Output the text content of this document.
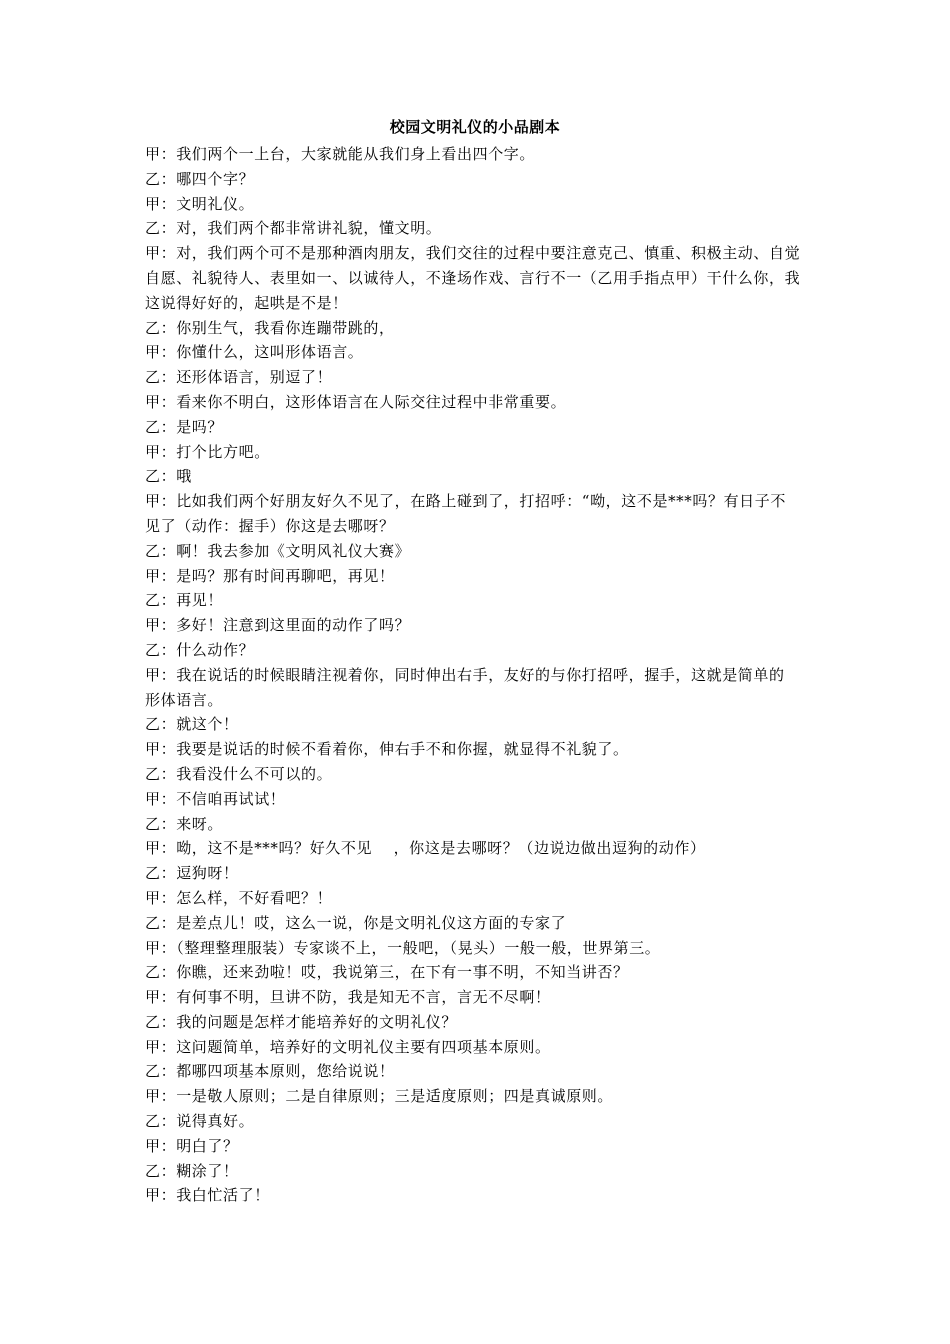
校园文明礼仪的小品剧本
甲：我们两个一上台，大家就能从我们身上看出四个字。
乙：哪四个字？
甲：文明礼仪。
乙：对，我们两个都非常讲礼貌，懂文明。
甲：对，我们两个可不是那种酒肉朋友，我们交往的过程中要注意克己、慎重、积极主动、自觉
自愿、礼貌待人、表里如一、以诚待人，不逢场作戏、言行不一（乙用手指点甲）干什么你，我
这说得好好的，起哄是不是！
乙：你别生气，我看你连蹦带跳的，
甲：你懂什么，这叫形体语言。
乙：还形体语言，别逗了！
甲：看来你不明白，这形体语言在人际交往过程中非常重要。
乙：是吗？
甲：打个比方吧。
乙：哦
甲：比如我们两个好朋友好久不见了，在路上碰到了，打招呼：“呦，这不是***吗？有日子不
见了（动作：握手）你这是去哪呀？
乙：啊！我去参加《文明风礼仪大赛》
甲：是吗？那有时间再聊吧，再见！
乙：再见！
甲：多好！注意到这里面的动作了吗？
乙：什么动作？
甲：我在说话的时候眼睛注视着你，同时伸出右手，友好的与你打招呼，握手，这就是简单的
形体语言。
乙：就这个！
甲：我要是说话的时候不看着你，伸右手不和你握，就显得不礼貌了。
乙：我看没什么不可以的。
甲：不信咱再试试！
乙：来呀。
甲：呦，这不是***吗？好久不见    ，你这是去哪呀？（边说边做出逗狗的动作）
乙：逗狗呀！
甲：怎么样，不好看吧？！
乙：是差点儿！哎，这么一说，你是文明礼仪这方面的专家了
甲：（整理整理服装）专家谈不上，一般吧，（晃头）一般一般，世界第三。
乙：你瞧，还来劲啦！哎，我说第三，在下有一事不明，不知当讲否？
甲：有何事不明，旦讲不防，我是知无不言，言无不尽啊！
乙：我的问题是怎样才能培养好的文明礼仪？
甲：这问题简单，培养好的文明礼仪主要有四项基本原则。
乙：都哪四项基本原则，您给说说！
甲：一是敬人原则；二是自律原则；三是适度原则；四是真诚原则。
乙：说得真好。
甲：明白了？
乙：糊涂了！
甲：我白忙活了！
